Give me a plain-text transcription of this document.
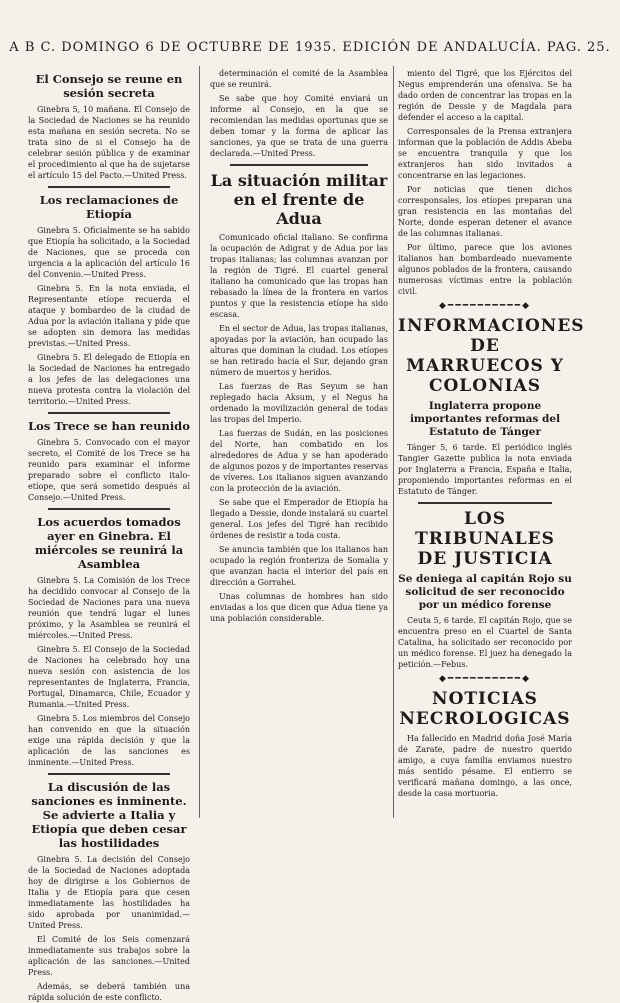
A B C. DOMINGO 6 DE OCTUBRE DE 1935. EDICIÓN DE ANDALUCÍA. PAG. 25.
El Consejo se reune en sesión secreta

Ginebra 5, 10 mañana. El Consejo de la Sociedad de Naciones se ha reunido esta mañana en sesión secreta. No se trata sino de si el Consejo ha de celebrar sesión pública y de examinar el procedimiento al que ha de sujetarse el artículo 15 del Pacto.—United Press.

Los reclamaciones de Etiopía

Ginebra 5. Oficialmente se ha sabido que Etiopía ha solicitado, a la Sociedad de Naciones, que se proceda con urgencia a la aplicación del artículo 16 del Convenio.—United Press.

Ginebra 5. En la nota enviada, el Representante etíope recuerda el ataque y bombardeo de la ciudad de Adua por la aviación italiana y pide que se adopten sin demora las medidas previstas.—United Press.

Ginebra 5. El delegado de Etiopía en la Sociedad de Naciones ha entregado a los jefes de las delegaciones una nueva protesta contra la violación del territorio.—United Press.

Los Trece se han reunido

Ginebra 5. Convocado con el mayor secreto, el Comité de los Trece se ha reunido para examinar el informe preparado sobre el conflicto italo-etíope, que será sometido después al Consejo.—United Press.

Los acuerdos tomados ayer en Ginebra. El miércoles se reunirá la Asamblea

Ginebra 5. La Comisión de los Trece ha decidido convocar al Consejo de la Sociedad de Naciones para una nueva reunión que tendrá lugar el lunes próximo, y la Asamblea se reunirá el miércoles.—United Press.

Ginebra 5. El Consejo de la Sociedad de Naciones ha celebrado hoy una nueva sesión con asistencia de los representantes de Inglaterra, Francia, Portugal, Dinamarca, Chile, Ecuador y Rumania.—United Press.

Ginebra 5. Los miembros del Consejo han convenido en que la situación exige una rápida decisión y que la aplicación de las sanciones es inminente.—United Press.

La discusión de las sanciones es inminente. Se advierte a Italia y Etiopía que deben cesar las hostilidades

Ginebra 5. La decisión del Consejo de la Sociedad de Naciones adoptada hoy de dirigirse a los Gobiernos de Italia y de Etiopía para que cesen inmediatamente las hostilidades ha sido aprobada por unanimidad.—United Press.

El Comité de los Seis comenzará inmediatamente sus trabajos sobre la aplicación de las sanciones.—United Press.

Además, se deberá también una rápida solución de este conflicto.

determinación el comité de la Asamblea que se reunirá.

Se sabe que hoy Comité enviará un informe al Consejo, en la que se recomiendan las medidas oportunas que se deben tomar y la forma de aplicar las sanciones, ya que se trata de una guerra declarada.—United Press.

La situación militar en el frente de Adua

Comunicado oficial italiano. Se confirma la ocupación de Adigrat y de Adua por las tropas italianas; las columnas avanzan por la región de Tigré. El cuartel general italiano ha comunicado que las tropas han rebasado la línea de la frontera en varios puntos y que la resistencia etíope ha sido escasa.

En el sector de Adua, las tropas italianas, apoyadas por la aviación, han ocupado las alturas que dominan la ciudad. Los etíopes se han retirado hacia el Sur, dejando gran número de muertos y heridos.

Las fuerzas de Ras Seyum se han replegado hacia Aksum, y el Negus ha ordenado la movilización general de todas las tropas del Imperio.

Las fuerzas de Sudán, en las posiciones del Norte, han combatido en los alrededores de Adua y se han apoderado de algunos pozos y de importantes reservas de víveres. Los italianos siguen avanzando con la protección de la aviación.

Se sabe que el Emperador de Etiopía ha llegado a Dessie, donde instalará su cuartel general. Los jefes del Tigré han recibido órdenes de resistir a toda costa.

Se anuncia también que los italianos han ocupado la región fronteriza de Somalia y que avanzan hacia el interior del país en dirección a Gorrahei.

Unas columnas de hombres han sido enviadas a los que dicen que Adua tiene ya una población considerable.

miento del Tigré, que los Ejércitos del Negus emprenderán una ofensiva. Se ha dado orden de concentrar las tropas en la región de Dessie y de Magdala para defender el acceso a la capital.

Corresponsales de la Prensa extranjera informan que la población de Addis Abeba se encuentra tranquila y que los extranjeros han sido invitados a concentrarse en las legaciones.

Por noticias que tienen dichos corresponsales, los etíopes preparan una gran resistencia en las montañas del Norte, donde esperan detener el avance de las columnas italianas.

Por último, parece que los aviones italianos han bombardeado nuevamente algunos poblados de la frontera, causando numerosas víctimas entre la población civil.

◆━━━━━━━━━━◆
INFORMACIONES DE MARRUECOS Y COLONIAS
Inglaterra propone importantes reformas del Estatuto de Tánger

Tánger 5, 6 tarde. El periódico inglés Tangier Gazette publica la nota enviada por Inglaterra a Francia, España e Italia, proponiendo importantes reformas en el Estatuto de Tánger.

LOS TRIBUNALES DE JUSTICIA
Se deniega al capitán Rojo su solicitud de ser reconocido por un médico forense

Ceuta 5, 6 tarde. El capitán Rojo, que se encuentra preso en el Cuartel de Santa Catalina, ha solicitado ser reconocido por un médico forense. El juez ha denegado la petición.—Febus.

◆━━━━━━━━━━◆
NOTICIAS NECROLOGICAS

Ha fallecido en Madrid doña José María de Zarate, padre de nuestro querido amigo, a cuya familia enviamos nuestro más sentido pésame. El entierro se verificará mañana domingo, a las once, desde la casa mortuoria.
